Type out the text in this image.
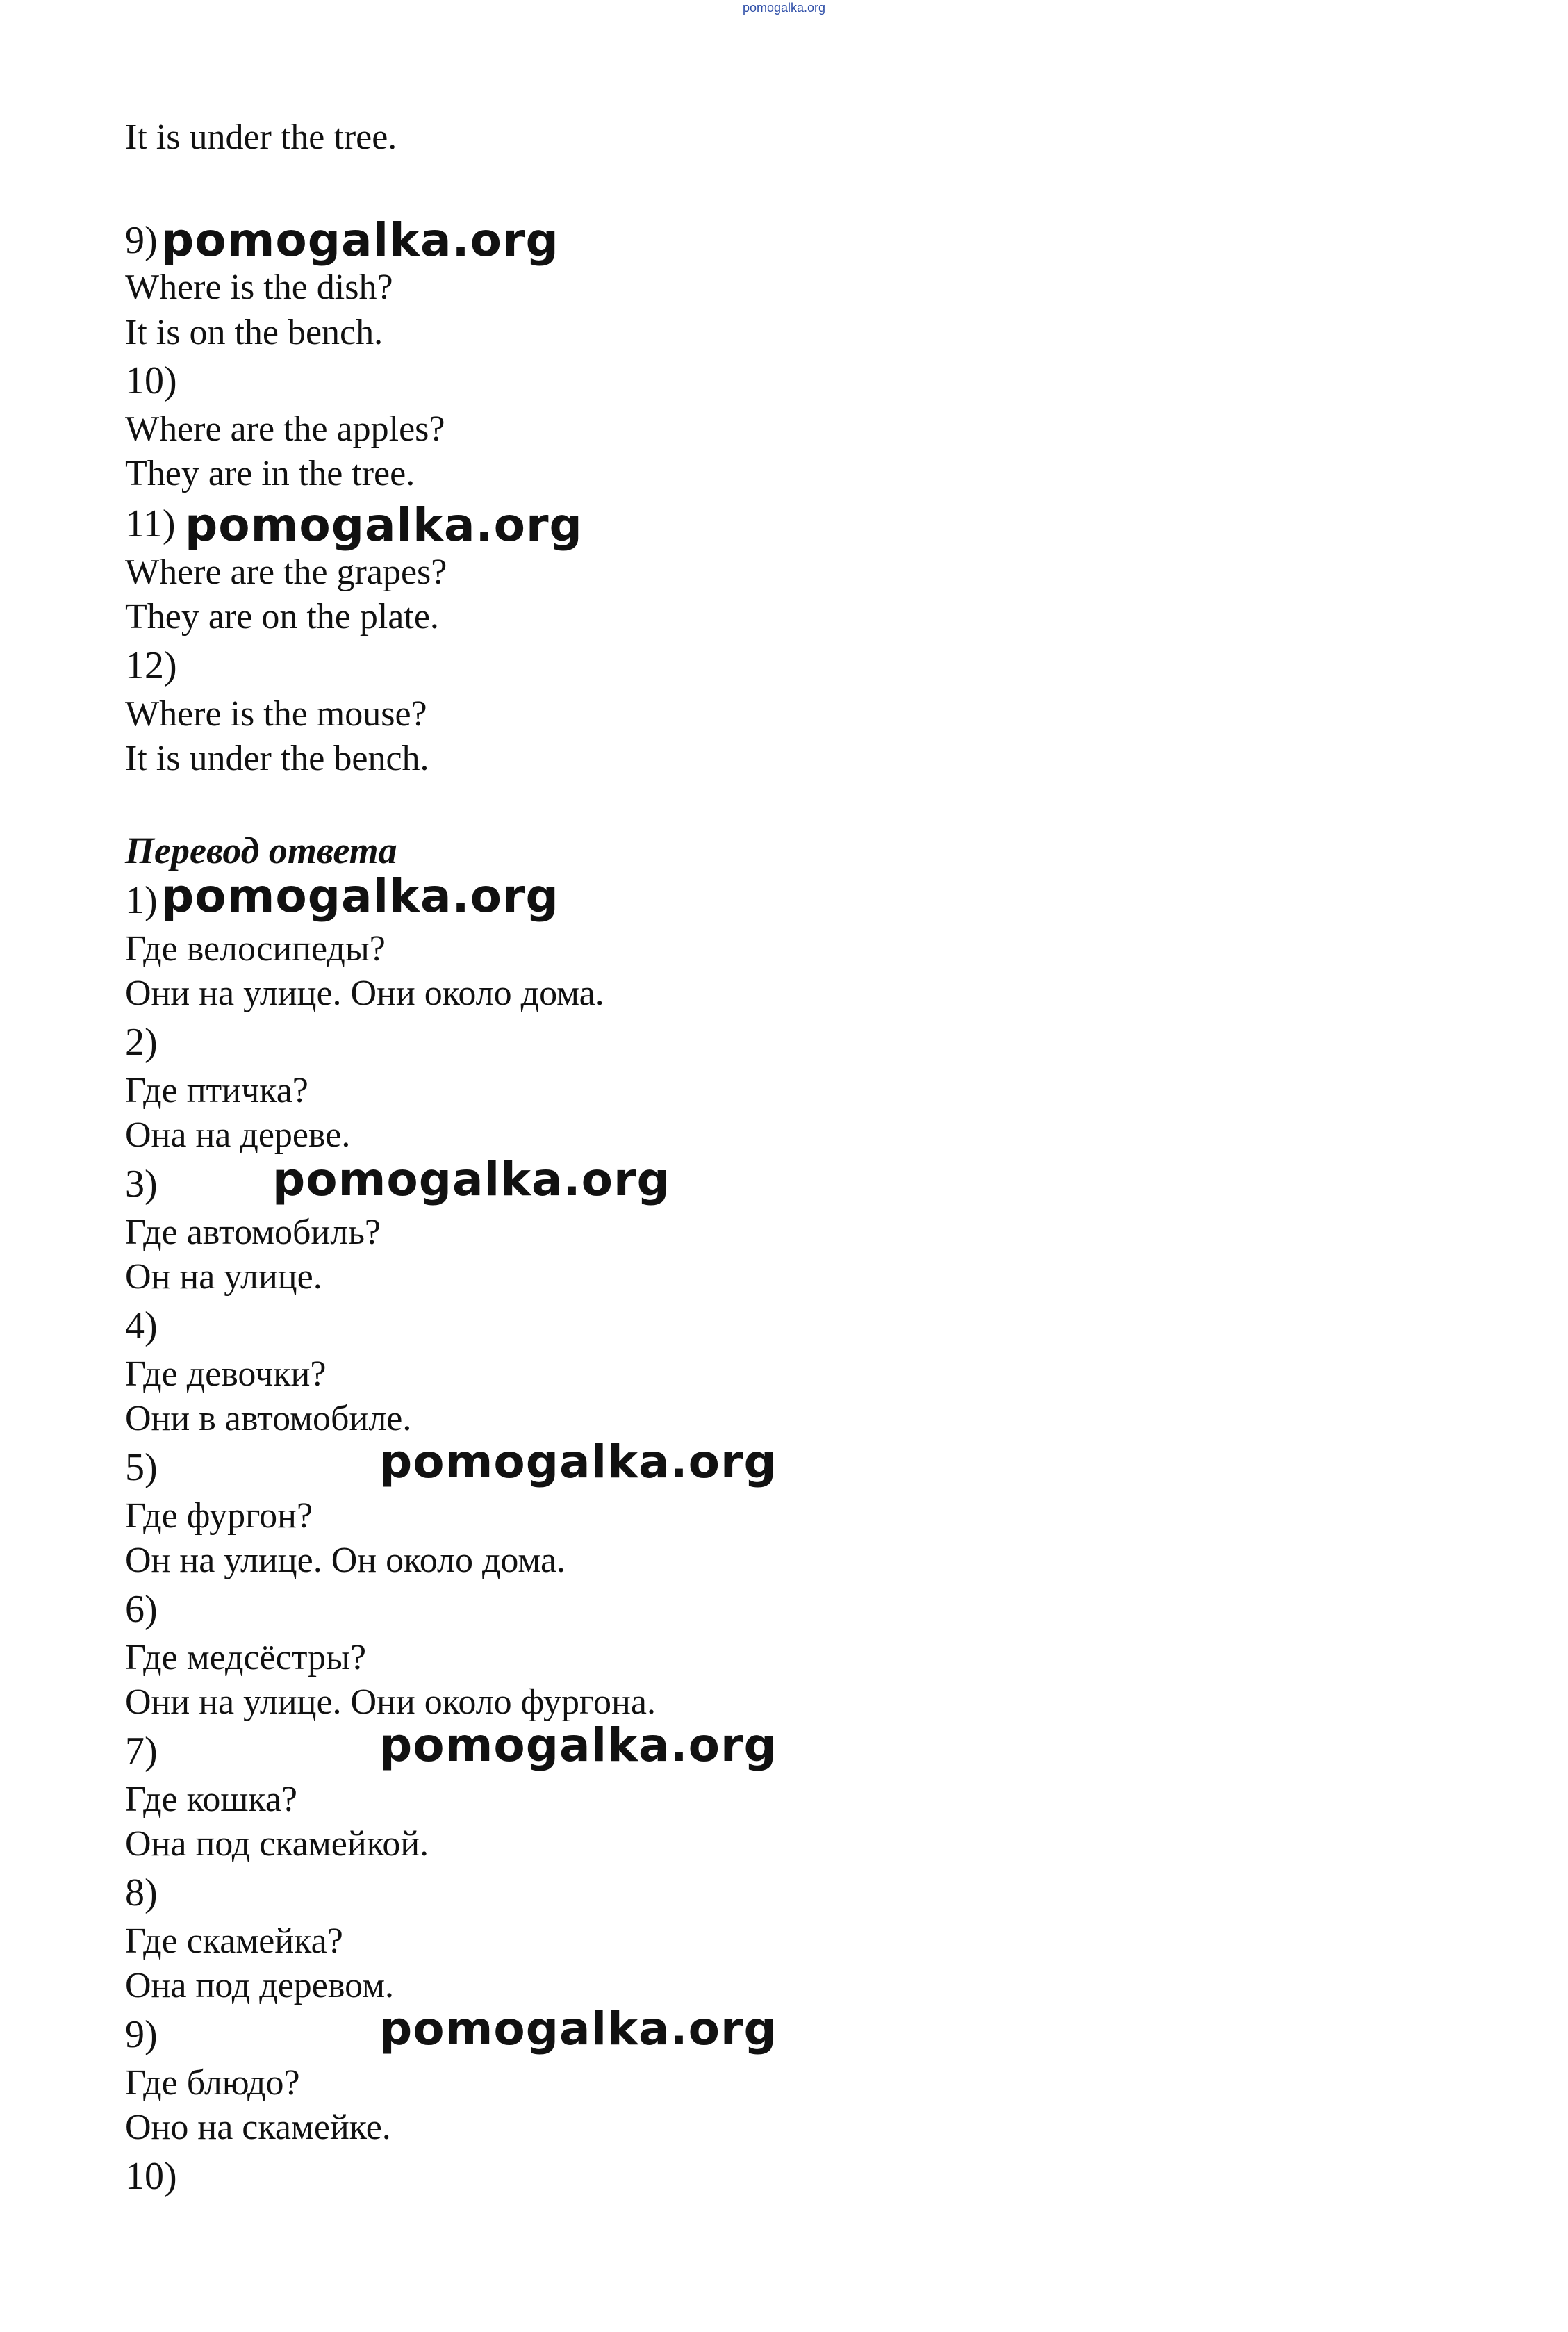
pomogalka.org
It is under the tree.
9) pomogalka.org
Where is the dish?
It is on the bench.
10)
Where are the apples?
They are in the tree.
11) pomogalka.org
Where are the grapes?
They are on the plate.
12)
Where is the mouse?
It is under the bench.
Перевод ответа
1) pomogalka.org
Где велосипеды?
Они на улице. Они около дома.
2)
Где птичка?
Она на дереве.
3)	pomogalka.org
Где автомобиль?
Он на улице.
4)
Где девочки?
Они в автомобиле.
5)	pomogalka.org
Где фургон?
Он на улице. Он около дома.
6)
Где медсёстры?
Они на улице. Они около фургона.
7)	pomogalka.org
Где кошка?
Она под скамейкой.
8)
Где скамейка?
Она под деревом.
9)	pomogalka.org
Где блюдо?
Оно на скамейке.
10)
